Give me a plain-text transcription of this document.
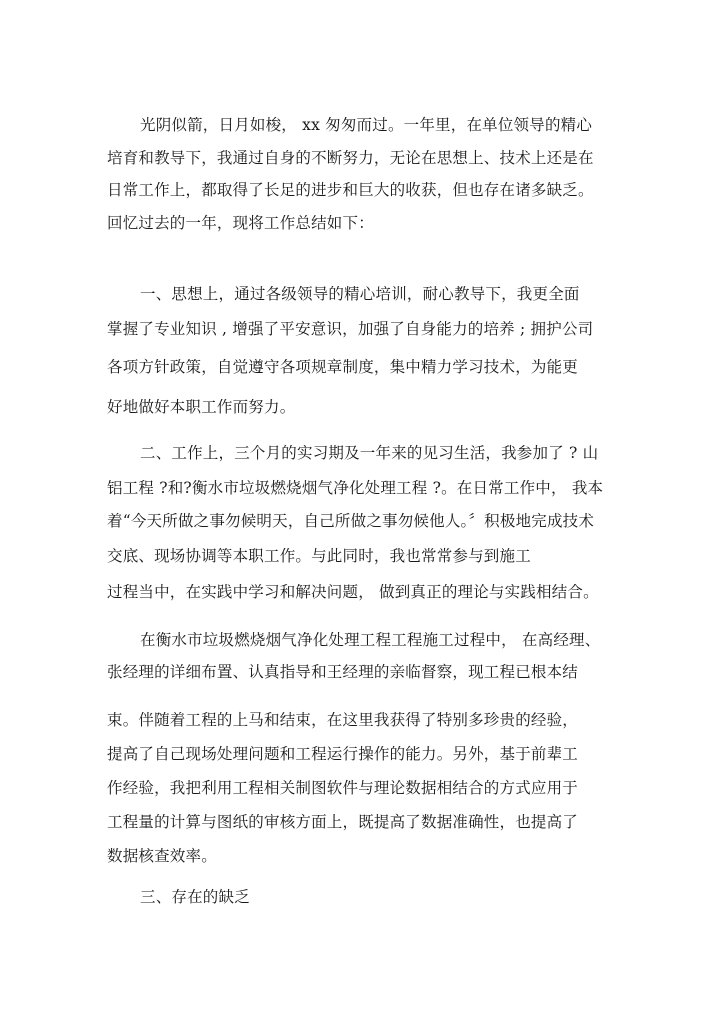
光阴似箭，日月如梭， xx 匆匆而过。一年里，在单位领导的精心
培育和教导下，我通过自身的不断努力，无论在思想上、技术上还是在
日常工作上，都取得了长足的进步和巨大的收获，但也存在诸多缺乏。
回忆过去的一年，现将工作总结如下：
一、思想上，通过各级领导的精心培训，耐心教导下，我更全面
掌握了专业知识 , 增强了平安意识，加强了自身能力的培养 ; 拥护公司
各项方针政策，自觉遵守各项规章制度，集中精力学习技术，为能更
好地做好本职工作而努力。
二、工作上，三个月的实习期及一年来的见习生活，我参加了 ? 山
铝工程 ?和?衡水市垃圾燃烧烟气净化处理工程 ?。在日常工作中， 我本
着“今天所做之事勿候明天，自己所做之事勿候他人。〞积极地完成技术
交底、现场协调等本职工作。与此同时，我也常常参与到施工
过程当中，在实践中学习和解决问题， 做到真正的理论与实践相结合。
在衡水市垃圾燃烧烟气净化处理工程工程施工过程中， 在高经理、
张经理的详细布置、认真指导和王经理的亲临督察，现工程已根本结
束。伴随着工程的上马和结束，在这里我获得了特别多珍贵的经验，
提高了自己现场处理问题和工程运行操作的能力。另外，基于前辈工
作经验，我把利用工程相关制图软件与理论数据相结合的方式应用于
工程量的计算与图纸的审核方面上，既提高了数据准确性，也提高了
数据核查效率。
三、存在的缺乏
